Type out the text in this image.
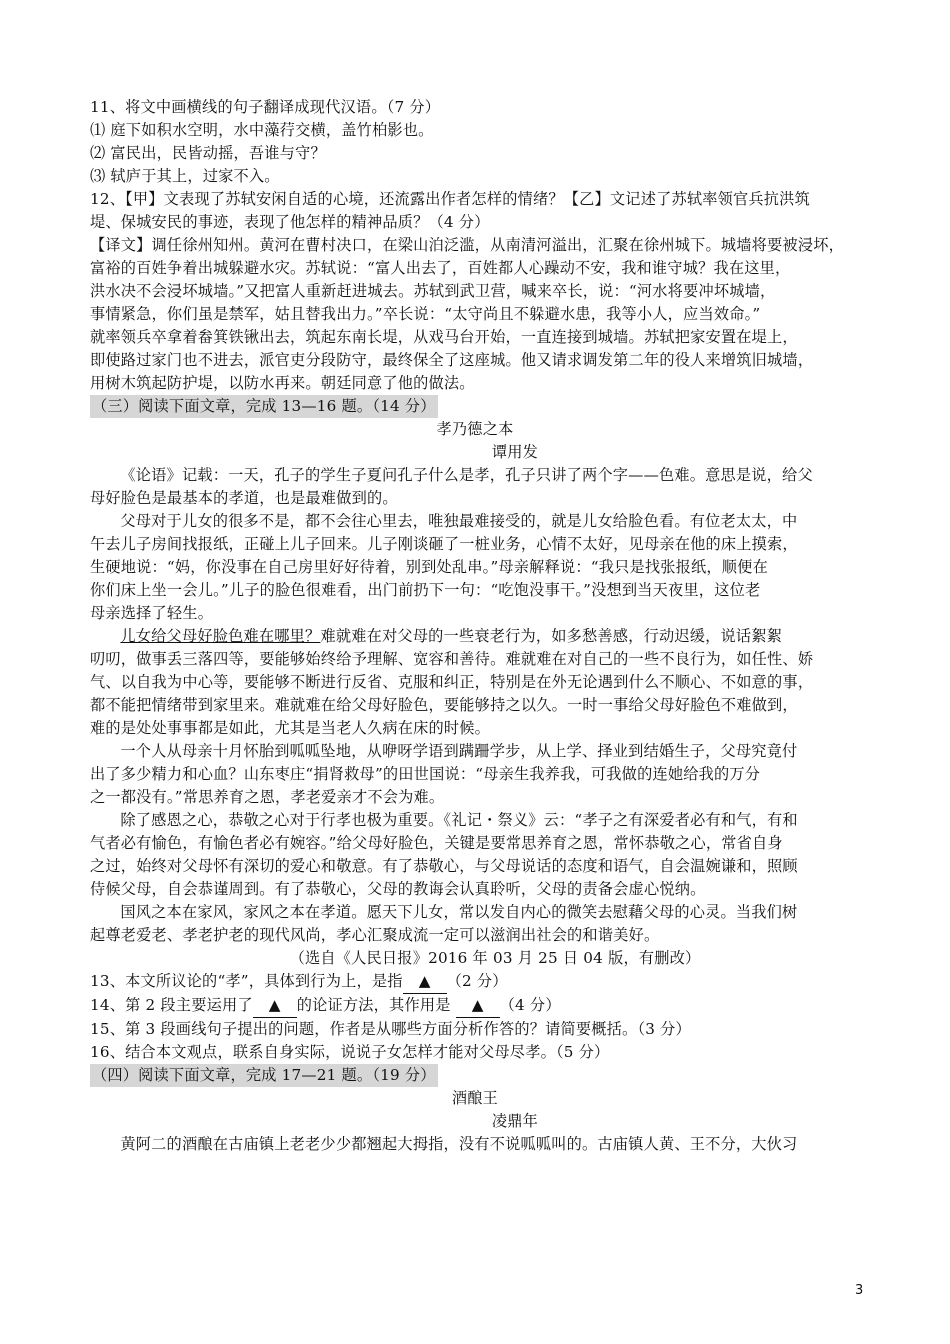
11、将文中画横线的句子翻译成现代汉语。（7 分）

⑴ 庭下如积水空明，水中藻荇交横，盖竹柏影也。

⑵ 富民出，民皆动摇，吾谁与守？

⑶ 轼庐于其上，过家不入。

12、【甲】文表现了苏轼安闲自适的心境，还流露出作者怎样的情绪？【乙】文记述了苏轼率领官兵抗洪筑

堤、保城安民的事迹，表现了他怎样的精神品质？（4 分）

【译文】调任徐州知州。黄河在曹村决口，在梁山泊泛滥，从南清河溢出，汇聚在徐州城下。城墙将要被浸坏，

富裕的百姓争着出城躲避水灾。苏轼说：“富人出去了，百姓都人心躁动不安，我和谁守城？我在这里，

洪水决不会浸坏城墙。”又把富人重新赶进城去。苏轼到武卫营，喊来卒长，说：“河水将要冲坏城墙，

事情紧急，你们虽是禁军，姑且替我出力。”卒长说：“太守尚且不躲避水患，我等小人，应当效命。”

就率领兵卒拿着畚箕铁锹出去，筑起东南长堤，从戏马台开始，一直连接到城墙。苏轼把家安置在堤上，

即使路过家门也不进去，派官吏分段防守，最终保全了这座城。他又请求调发第二年的役人来增筑旧城墙，

用树木筑起防护堤，以防水再来。朝廷同意了他的做法。

（三）阅读下面文章，完成 13—16 题。（14 分）

孝乃德之本

谭用发

《论语》记载：一天，孔子的学生子夏问孔子什么是孝，孔子只讲了两个字——色难。意思是说，给父

母好脸色是最基本的孝道，也是最难做到的。

父母对于儿女的很多不是，都不会往心里去，唯独最难接受的，就是儿女给脸色看。有位老太太，中

午去儿子房间找报纸，正碰上儿子回来。儿子刚谈砸了一桩业务，心情不太好，见母亲在他的床上摸索，

生硬地说：“妈，你没事在自己房里好好待着，别到处乱串。”母亲解释说：“我只是找张报纸，顺便在

你们床上坐一会儿。”儿子的脸色很难看，出门前扔下一句：“吃饱没事干。”没想到当天夜里，这位老

母亲选择了轻生。

儿女给父母好脸色难在哪里？难就难在对父母的一些衰老行为，如多愁善感，行动迟缓，说话絮絮

叨叨，做事丢三落四等，要能够始终给予理解、宽容和善待。难就难在对自己的一些不良行为，如任性、娇

气、以自我为中心等，要能够不断进行反省、克服和纠正，特别是在外无论遇到什么不顺心、不如意的事，

都不能把情绪带到家里来。难就难在给父母好脸色，要能够持之以久。一时一事给父母好脸色不难做到，

难的是处处事事都是如此，尤其是当老人久病在床的时候。

一个人从母亲十月怀胎到呱呱坠地，从咿呀学语到蹒跚学步，从上学、择业到结婚生子，父母究竟付

出了多少精力和心血？山东枣庄“捐肾救母”的田世国说：“母亲生我养我，可我做的连她给我的万分

之一都没有。”常思养育之恩，孝老爱亲才不会为难。

除了感恩之心，恭敬之心对于行孝也极为重要。《礼记・祭义》云：“孝子之有深爱者必有和气，有和

气者必有愉色，有愉色者必有婉容。”给父母好脸色，关键是要常思养育之恩，常怀恭敬之心，常省自身

之过，始终对父母怀有深切的爱心和敬意。有了恭敬心，与父母说话的态度和语气，自会温婉谦和，照顾

侍候父母，自会恭谨周到。有了恭敬心，父母的教诲会认真聆听，父母的责备会虚心悦纳。

国风之本在家风，家风之本在孝道。愿天下儿女，常以发自内心的微笑去慰藉父母的心灵。当我们树

起尊老爱老、孝老护老的现代风尚，孝心汇聚成流一定可以滋润出社会的和谐美好。

（选自《人民日报》2016 年 03 月 25 日 04 版，有删改）

13、本文所议论的“孝”，具体到行为上，是指 ▲ （2 分）

14、第 2 段主要运用了 ▲ 的论证方法，其作用是 ▲ （4 分）

15、第 3 段画线句子提出的问题，作者是从哪些方面分析作答的？请简要概括。（3 分）

16、结合本文观点，联系自身实际，说说子女怎样才能对父母尽孝。（5 分）

（四）阅读下面文章，完成 17—21 题。（19 分）

酒酿王

凌鼎年

黄阿二的酒酿在古庙镇上老老少少都翘起大拇指，没有不说呱呱叫的。古庙镇人黄、王不分，大伙习

3
